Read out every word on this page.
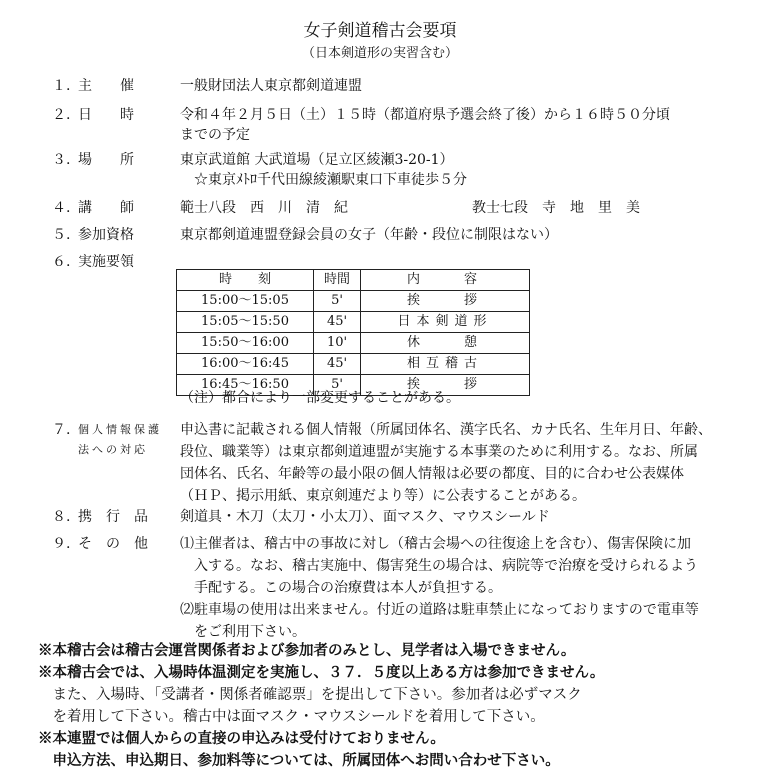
女子剣道稽古会要項
（日本剣道形の実習含む）
１. 主　　催	一般財団法人東京都剣道連盟
２. 日　　時	令和４年２月５日（土）１５時（都道府県予選会終了後）から１６時５０分頃
までの予定
３. 場　　所	東京武道館 大武道場（足立区綾瀬3-20-1）
　☆東京ﾒﾄﾛ千代田線綾瀬駅東口下車徒歩５分
４. 講　　師	範士八段　西　川　清　紀	教士七段　寺　地　里　美
５. 参加資格	東京都剣道連盟登録会員の女子（年齢・段位に制限はない）
６. 実施要領
時　　刻	時間	内　　容
15:00～15:05	5'	挨　　拶
15:05～15:50	45'	日本剣道形
15:50～16:00	10'	休　　憩
16:00～16:45	45'	相互稽古
16:45～16:50	5'	挨　　拶
（注）都合により一部変更することがある。
７. 個人情報保護
法への対応
申込書に記載される個人情報（所属団体名、漢字氏名、カナ氏名、生年月日、年齢、
段位、職業等）は東京都剣道連盟が実施する本事業のために利用する。なお、所属
団体名、氏名、年齢等の最小限の個人情報は必要の都度、目的に合わせ公表媒体
（ＨＰ、掲示用紙、東京剣連だより等）に公表することがある。
８. 携　行　品	剣道具・木刀（太刀・小太刀）、面マスク、マウスシールド
９. そ　の　他	⑴主催者は、稽古中の事故に対し（稽古会場への往復途上を含む）、傷害保険に加
　入する。なお、稽古実施中、傷害発生の場合は、病院等で治療を受けられるよう
　手配する。この場合の治療費は本人が負担する。
⑵駐車場の使用は出来ません。付近の道路は駐車禁止になっておりますので電車等
　をご利用下さい。
※本稽古会は稽古会運営関係者および参加者のみとし、見学者は入場できません。
※本稽古会では、入場時体温測定を実施し、３７．５度以上ある方は参加できません。
　また、入場時、「受講者・関係者確認票」を提出して下さい。参加者は必ずマスク
　を着用して下さい。稽古中は面マスク・マウスシールドを着用して下さい。
※本連盟では個人からの直接の申込みは受付けておりません。
　申込方法、申込期日、参加料等については、所属団体へお問い合わせ下さい。
